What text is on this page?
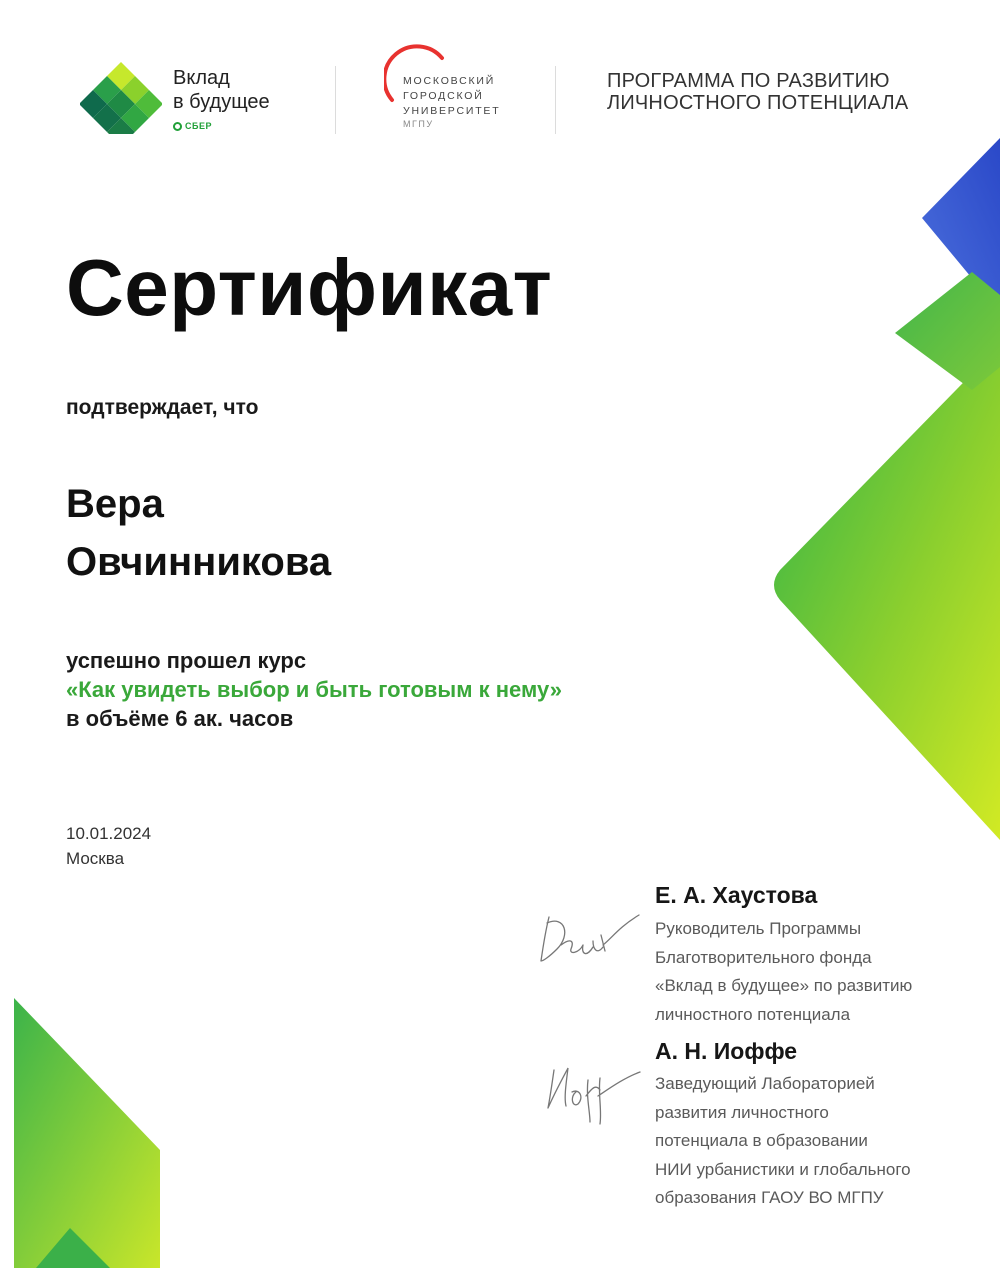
Вклад
в будущее
СБЕР
МОСКОВСКИЙ
ГОРОДСКОЙ
УНИВЕРСИТЕТ
МГПУ
ПРОГРАММА ПО РАЗВИТИЮ
ЛИЧНОСТНОГО ПОТЕНЦИАЛА
Сертификат
подтверждает, что
Вера
Овчинникова
успешно прошел курс
«Как увидеть выбор и быть готовым к нему»
в объёме 6 ак. часов
10.01.2024
Москва
Е. А. Хаустова
Руководитель Программы
Благотворительного фонда
«Вклад в будущее» по развитию
личностного потенциала
А. Н. Иоффе
Заведующий Лабораторией
развития личностного
потенциала в образовании
НИИ урбанистики и глобального
образования ГАОУ ВО МГПУ
